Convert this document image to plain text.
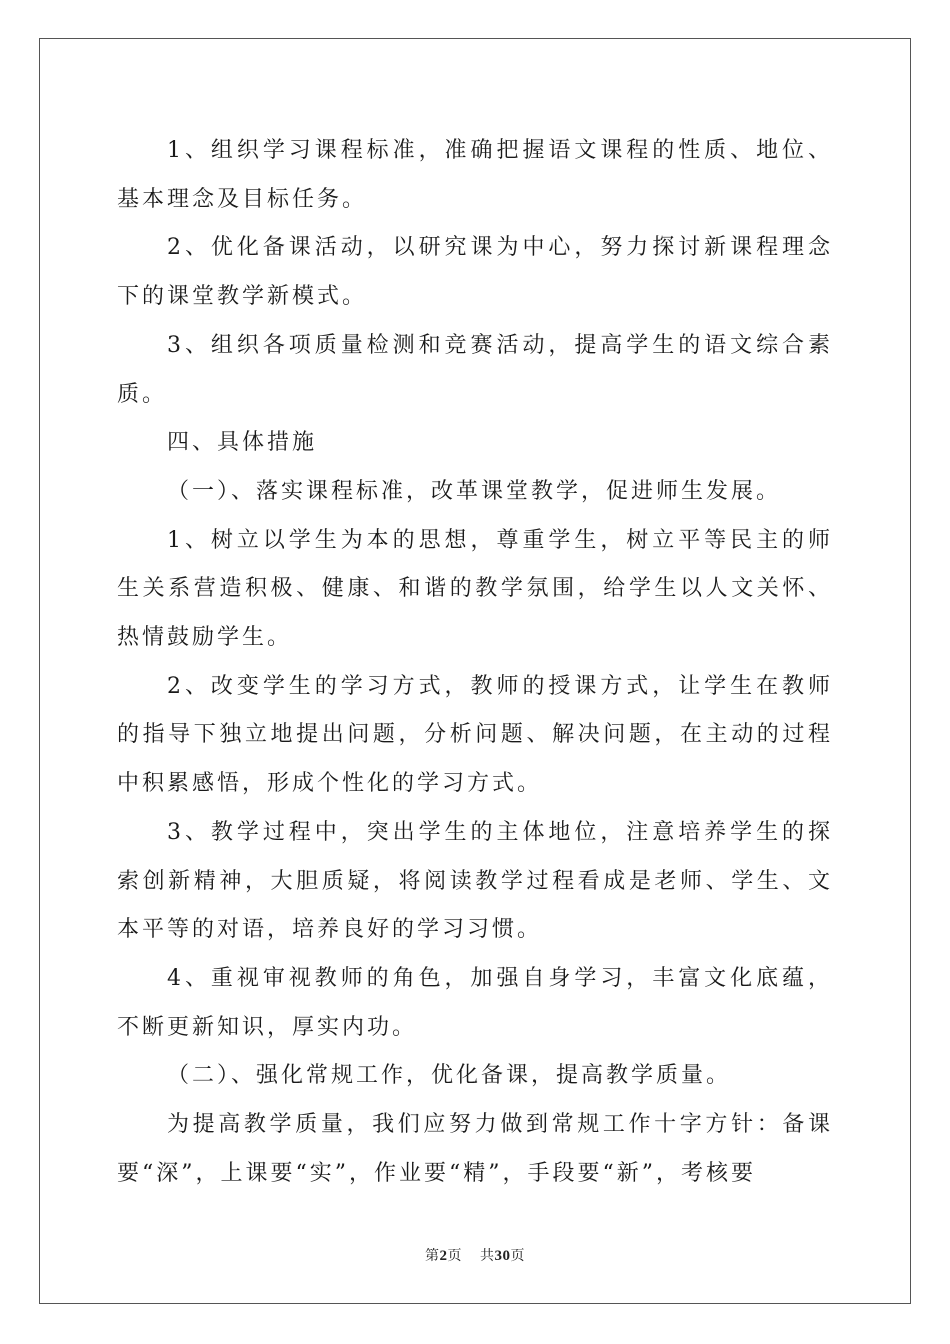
1、组织学习课程标准，准确把握语文课程的性质、地位、基本理念及目标任务。

2、优化备课活动，以研究课为中心，努力探讨新课程理念下的课堂教学新模式。

3、组织各项质量检测和竞赛活动，提高学生的语文综合素质。

四、具体措施

（一）、落实课程标准，改革课堂教学，促进师生发展。

1、树立以学生为本的思想，尊重学生，树立平等民主的师生关系营造积极、健康、和谐的教学氛围，给学生以人文关怀、热情鼓励学生。

2、改变学生的学习方式，教师的授课方式，让学生在教师的指导下独立地提出问题，分析问题、解决问题，在主动的过程中积累感悟，形成个性化的学习方式。

3、教学过程中，突出学生的主体地位，注意培养学生的探索创新精神，大胆质疑，将阅读教学过程看成是老师、学生、文本平等的对语，培养良好的学习习惯。

4、重视审视教师的角色，加强自身学习，丰富文化底蕴，不断更新知识，厚实内功。

（二）、强化常规工作，优化备课，提高教学质量。

为提高教学质量，我们应努力做到常规工作十字方针：备课要“深”，上课要“实”，作业要“精”，手段要“新”，考核要

第2页 共30页
